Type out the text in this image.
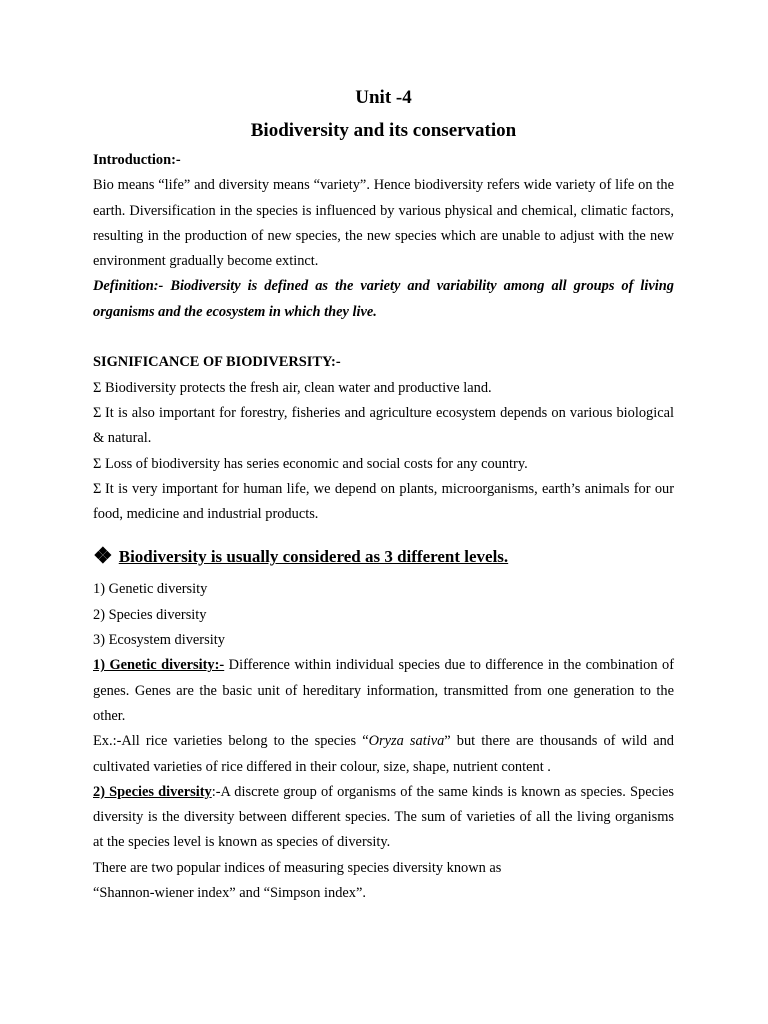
Unit -4

Biodiversity and its conservation

Introduction:-

Bio means “life” and diversity means “variety”. Hence biodiversity refers wide variety of life on the earth. Diversification in the species is influenced by various physical and chemical, climatic factors, resulting in the production of new species, the new species which are unable to adjust with the new environment gradually become extinct.

Definition:- Biodiversity is defined as the variety and variability among all groups of living organisms and the ecosystem in which they live.

SIGNIFICANCE OF BIODIVERSITY:-

Σ Biodiversity protects the fresh air, clean water and productive land.

Σ It is also important for forestry, fisheries and agriculture ecosystem depends on various biological & natural.

Σ Loss of biodiversity has series economic and social costs for any country.

Σ It is very important for human life, we depend on plants, microorganisms, earth’s animals for our food, medicine and industrial products.

❖ Biodiversity is usually considered as 3 different levels.

1) Genetic diversity

2) Species diversity

3) Ecosystem diversity

1) Genetic diversity:- Difference within individual species due to difference in the combination of genes. Genes are the basic unit of hereditary information, transmitted from one generation to the other.

Ex.:-All rice varieties belong to the species “Oryza sativa” but there are thousands of wild and cultivated varieties of rice differed in their colour, size, shape, nutrient content .

2) Species diversity:-A discrete group of organisms of the same kinds is known as species. Species diversity is the diversity between different species. The sum of varieties of all the living organisms at the species level is known as species of diversity.

There are two popular indices of measuring species diversity known as

“Shannon-wiener index” and “Simpson index”.
